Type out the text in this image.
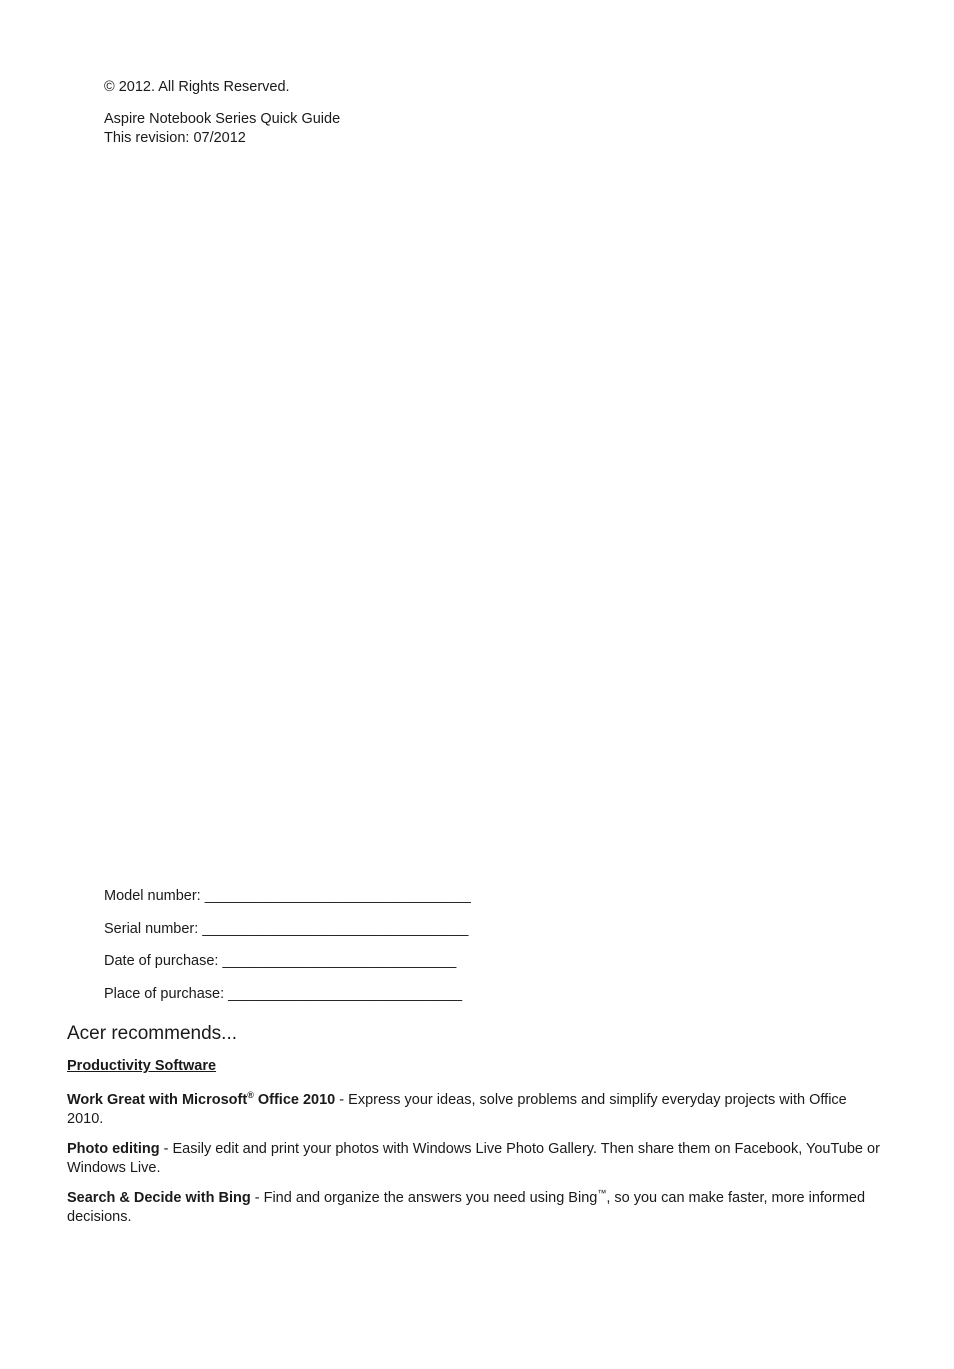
© 2012. All Rights Reserved.

Aspire Notebook Series Quick Guide
This revision: 07/2012
Model number: _________________________________
Serial number: _________________________________
Date of purchase: _____________________________
Place of purchase: _____________________________
Acer recommends...
Productivity Software

Work Great with Microsoft® Office 2010 - Express your ideas, solve problems and simplify everyday projects with Office 2010.

Photo editing - Easily edit and print your photos with Windows Live Photo Gallery. Then share them on Facebook, YouTube or Windows Live.

Search & Decide with Bing - Find and organize the answers you need using Bing™, so you can make faster, more informed decisions.
